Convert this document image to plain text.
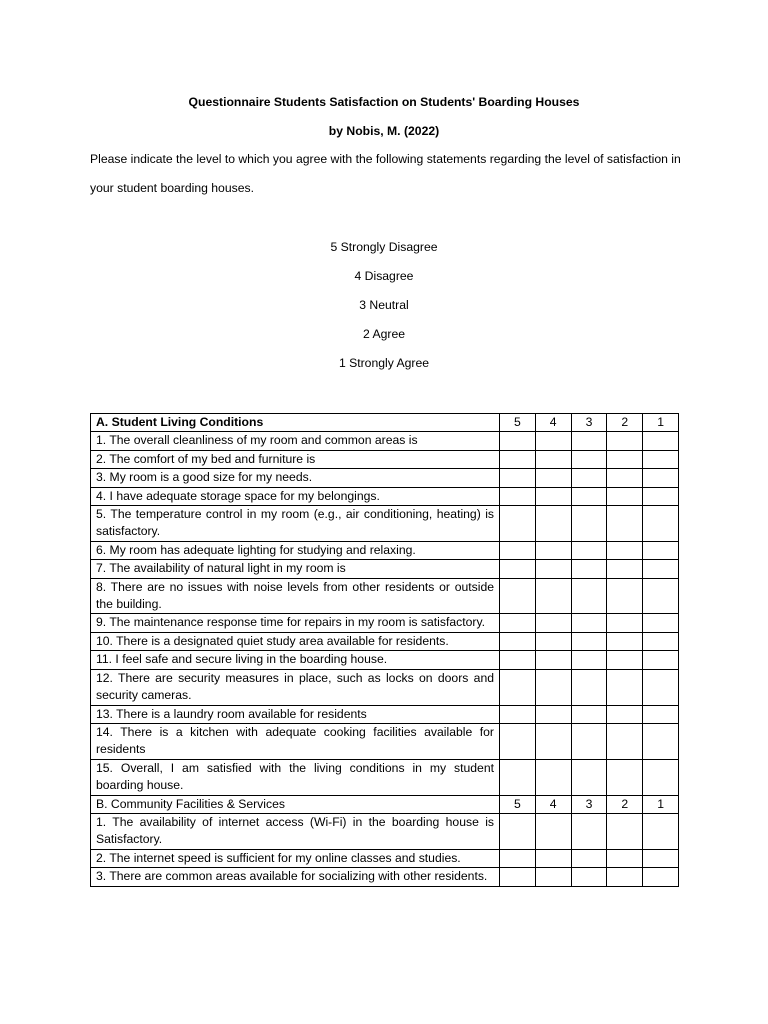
Questionnaire Students Satisfaction on Students' Boarding Houses
by Nobis, M. (2022)
Please indicate the level to which you agree with the following statements regarding the level of satisfaction in your student boarding houses.
5 Strongly Disagree
4 Disagree
3 Neutral
2 Agree
1 Strongly Agree
A. Student Living Conditions	5	4	3	2	1
1. The overall cleanliness of my room and common areas is					
2. The comfort of my bed and furniture is					
3. My room is a good size for my needs.					
4. I have adequate storage space for my belongings.					
5. The temperature control in my room (e.g., air conditioning, heating) is satisfactory.					
6. My room has adequate lighting for studying and relaxing.					
7. The availability of natural light in my room is					
8. There are no issues with noise levels from other residents or outside the building.					
9. The maintenance response time for repairs in my room is satisfactory.					
10. There is a designated quiet study area available for residents.					
11. I feel safe and secure living in the boarding house.					
12. There are security measures in place, such as locks on doors and security cameras.					
13. There is a laundry room available for residents					
14. There is a kitchen with adequate cooking facilities available for residents					
15. Overall, I am satisfied with the living conditions in my student boarding house.					
B. Community Facilities & Services	5	4	3	2	1
1. The availability of internet access (Wi-Fi) in the boarding house is Satisfactory.					
2. The internet speed is sufficient for my online classes and studies.					
3. There are common areas available for socializing with other residents.					
